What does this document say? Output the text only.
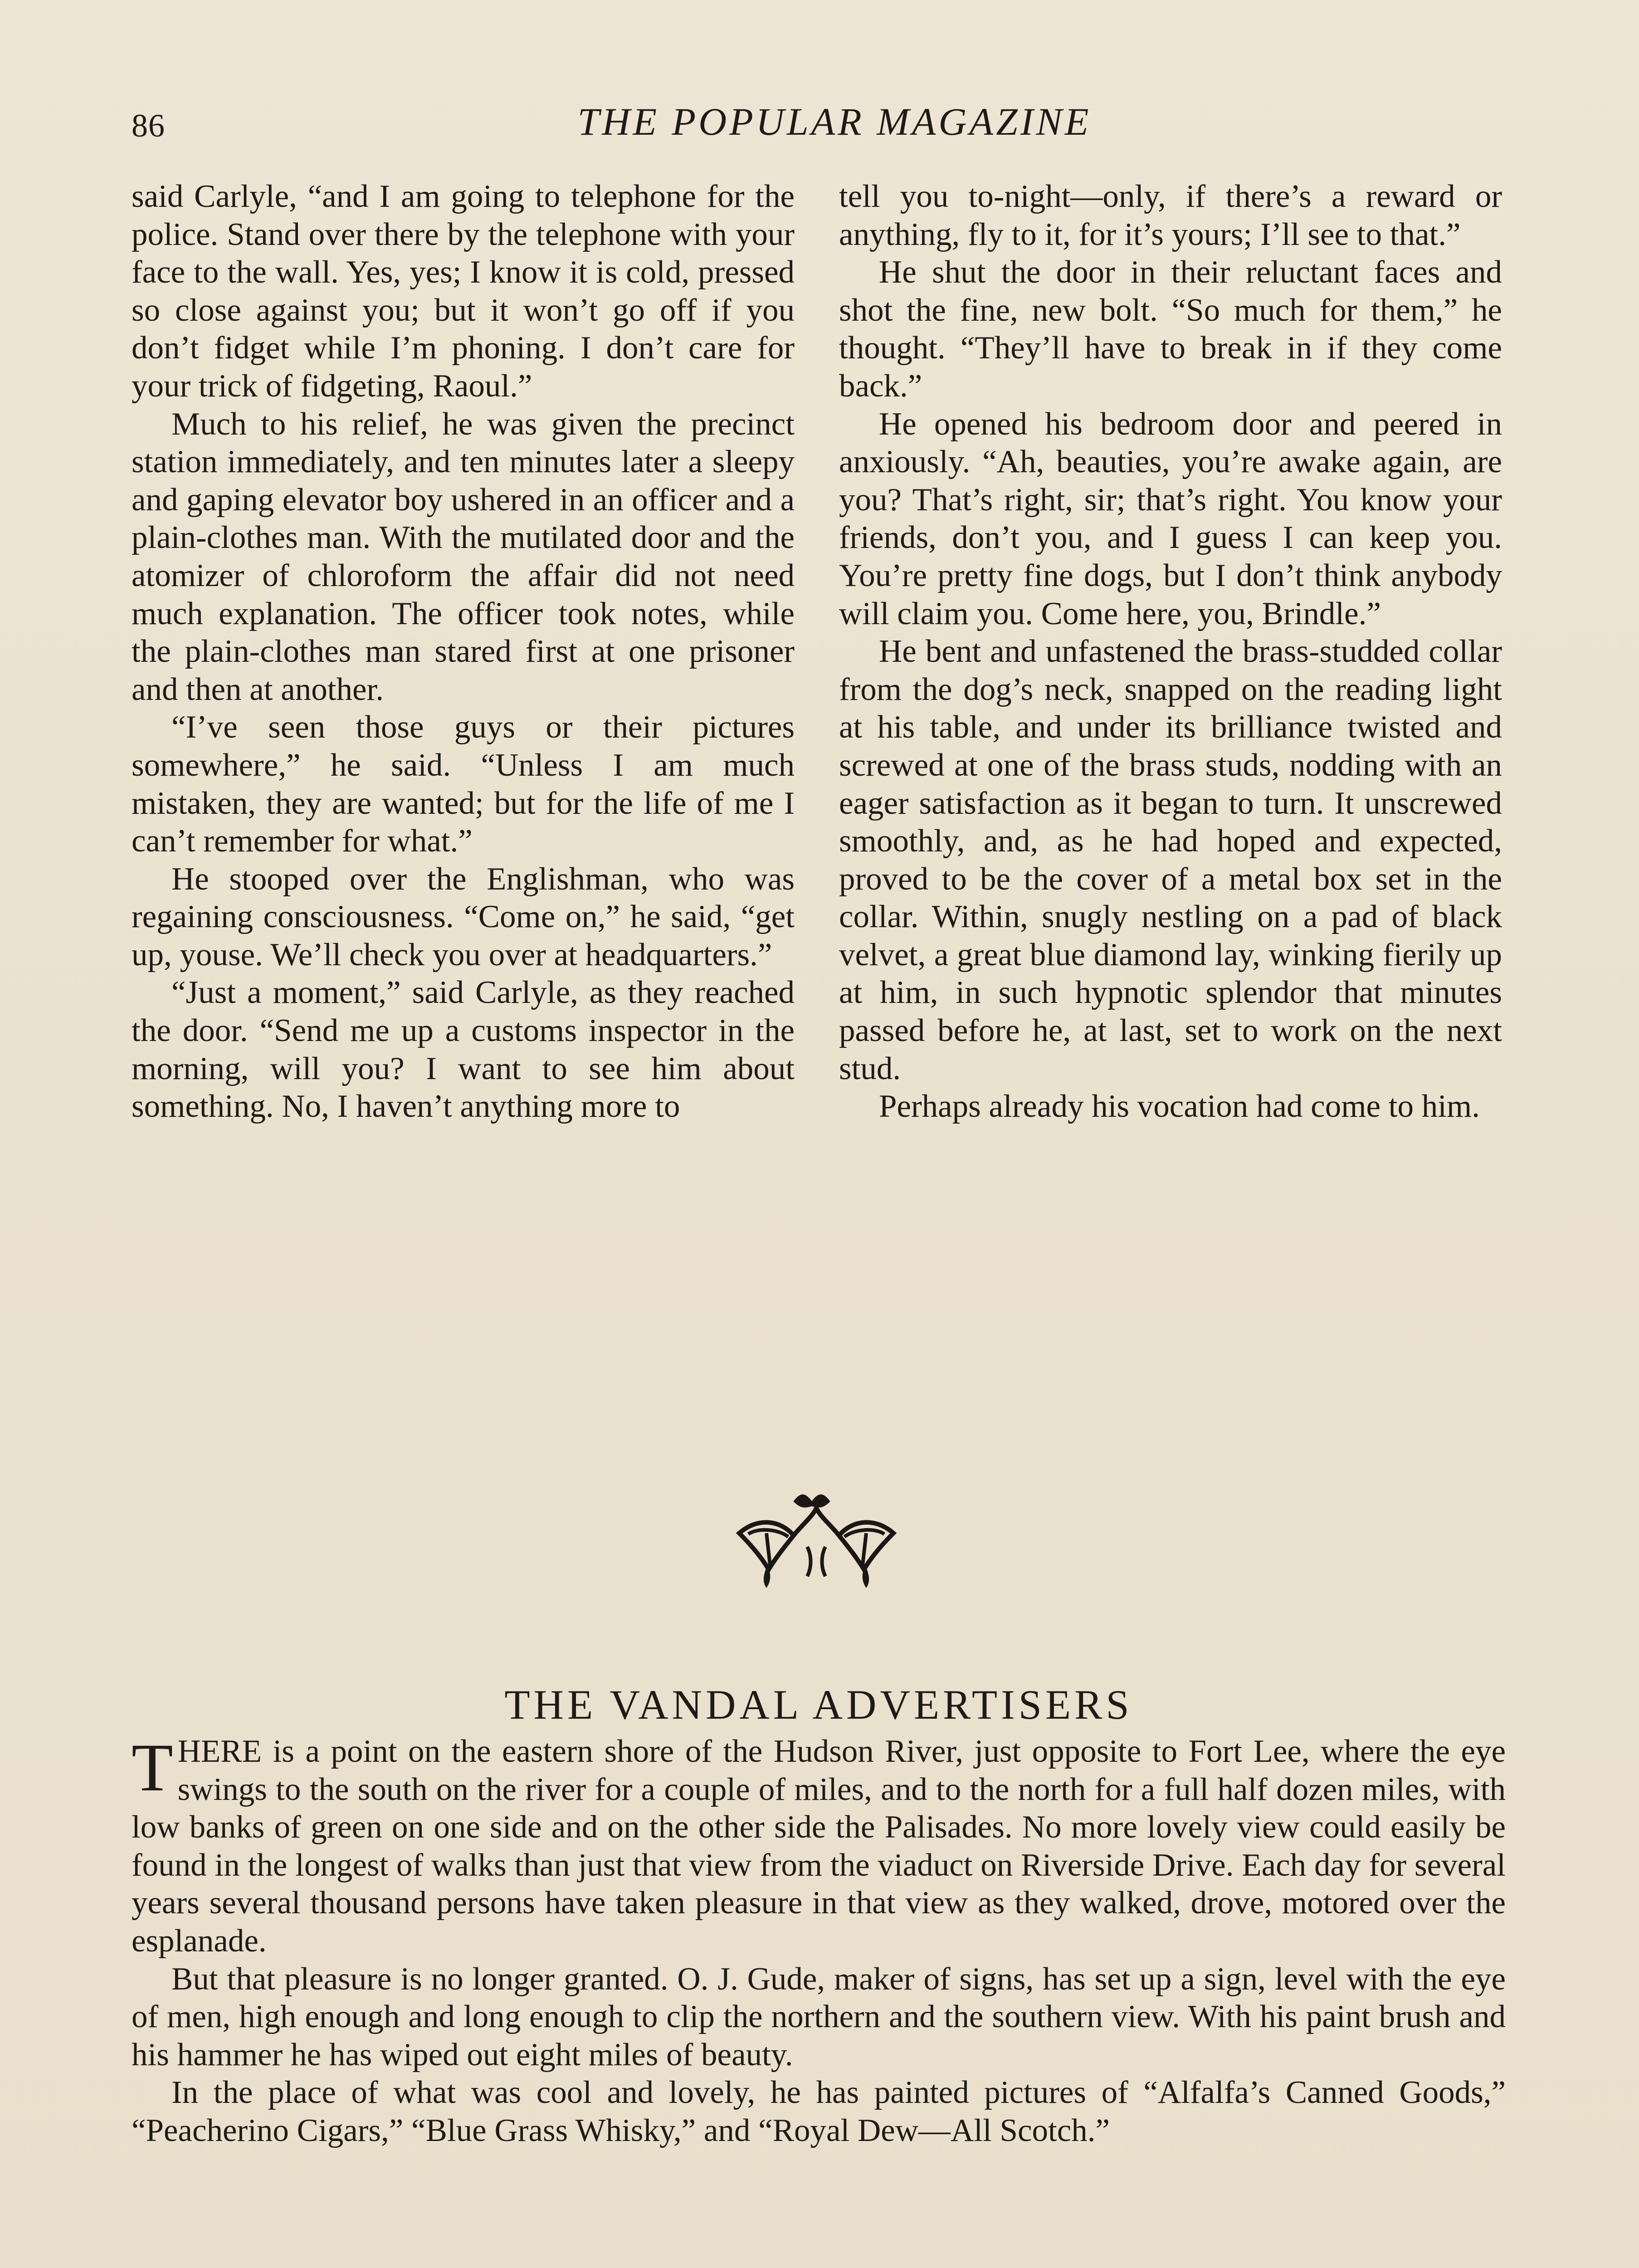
86	THE POPULAR MAGAZINE

said Carlyle, “and I am going to telephone for the police. Stand over there by the telephone with your face to the wall. Yes, yes; I know it is cold, pressed so close against you; but it won’t go off if you don’t fidget while I’m phoning. I don’t care for your trick of fidgeting, Raoul.”

Much to his relief, he was given the precinct station immediately, and ten minutes later a sleepy and gaping elevator boy ushered in an officer and a plain-clothes man. With the mutilated door and the atomizer of chloroform the affair did not need much explanation. The officer took notes, while the plain-clothes man stared first at one prisoner and then at another.

“I’ve seen those guys or their pictures somewhere,” he said. “Unless I am much mistaken, they are wanted; but for the life of me I can’t remember for what.”

He stooped over the Englishman, who was regaining consciousness. “Come on,” he said, “get up, youse. We’ll check you over at headquarters.”

“Just a moment,” said Carlyle, as they reached the door. “Send me up a customs inspector in the morning, will you? I want to see him about something. No, I haven’t anything more to

tell you to-night—only, if there’s a reward or anything, fly to it, for it’s yours; I’ll see to that.”

He shut the door in their reluctant faces and shot the fine, new bolt. “So much for them,” he thought. “They’ll have to break in if they come back.”

He opened his bedroom door and peered in anxiously. “Ah, beauties, you’re awake again, are you? That’s right, sir; that’s right. You know your friends, don’t you, and I guess I can keep you. You’re pretty fine dogs, but I don’t think anybody will claim you. Come here, you, Brindle.”

He bent and unfastened the brass-studded collar from the dog’s neck, snapped on the reading light at his table, and under its brilliance twisted and screwed at one of the brass studs, nodding with an eager satisfaction as it began to turn. It unscrewed smoothly, and, as he had hoped and expected, proved to be the cover of a metal box set in the collar. Within, snugly nestling on a pad of black velvet, a great blue diamond lay, winking fierily up at him, in such hypnotic splendor that minutes passed before he, at last, set to work on the next stud.

Perhaps already his vocation had come to him.

THE VANDAL ADVERTISERS

T HERE is a point on the eastern shore of the Hudson River, just opposite to Fort Lee, where the eye swings to the south on the river for a couple of miles, and to the north for a full half dozen miles, with low banks of green on one side and on the other side the Palisades. No more lovely view could easily be found in the longest of walks than just that view from the viaduct on Riverside Drive. Each day for several years several thousand persons have taken pleasure in that view as they walked, drove, motored over the esplanade.

But that pleasure is no longer granted. O. J. Gude, maker of signs, has set up a sign, level with the eye of men, high enough and long enough to clip the northern and the southern view. With his paint brush and his hammer he has wiped out eight miles of beauty.

In the place of what was cool and lovely, he has painted pictures of “Alfalfa’s Canned Goods,” “Peacherino Cigars,” “Blue Grass Whisky,” and “Royal Dew—All Scotch.”
